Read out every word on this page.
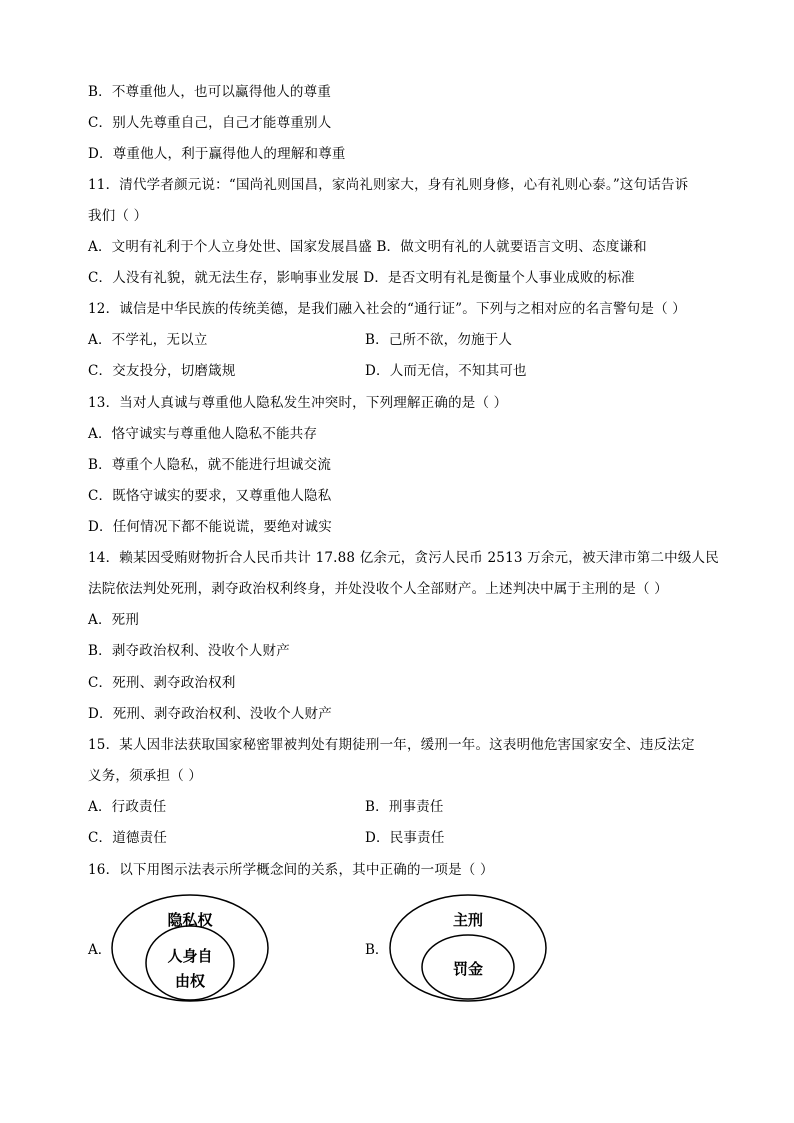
B．不尊重他人，也可以赢得他人的尊重
C．别人先尊重自己，自己才能尊重别人
D．尊重他人，利于赢得他人的理解和尊重
11．清代学者颜元说：“国尚礼则国昌，家尚礼则家大，身有礼则身修，心有礼则心泰。”这句话告诉
我们（ ）
A．文明有礼利于个人立身处世、国家发展昌盛 B．做文明有礼的人就要语言文明、态度谦和
C．人没有礼貌，就无法生存，影响事业发展 D．是否文明有礼是衡量个人事业成败的标准
12．诚信是中华民族的传统美德，是我们融入社会的“通行证”。下列与之相对应的名言警句是（ ）
A．不学礼，无以立	B．己所不欲，勿施于人
C．交友投分，切磨箴规	D．人而无信，不知其可也
13．当对人真诚与尊重他人隐私发生冲突时，下列理解正确的是（ ）
A．恪守诚实与尊重他人隐私不能共存
B．尊重个人隐私，就不能进行坦诚交流
C．既恪守诚实的要求，又尊重他人隐私
D．任何情况下都不能说谎，要绝对诚实
14．赖某因受贿财物折合人民币共计 17.88 亿余元，贪污人民币 2513 万余元，被天津市第二中级人民
法院依法判处死刑，剥夺政治权利终身，并处没收个人全部财产。上述判决中属于主刑的是（ ）
A．死刑
B．剥夺政治权利、没收个人财产
C．死刑、剥夺政治权利
D．死刑、剥夺政治权利、没收个人财产
15．某人因非法获取国家秘密罪被判处有期徒刑一年，缓刑一年。这表明他危害国家安全、违反法定
义务，须承担（ ）
A．行政责任	B．刑事责任
C．道德责任	D．民事责任
16．以下用图示法表示所学概念间的关系，其中正确的一项是（ ）
A．
隐私权
人身自
由权
B．
主刑
罚金
